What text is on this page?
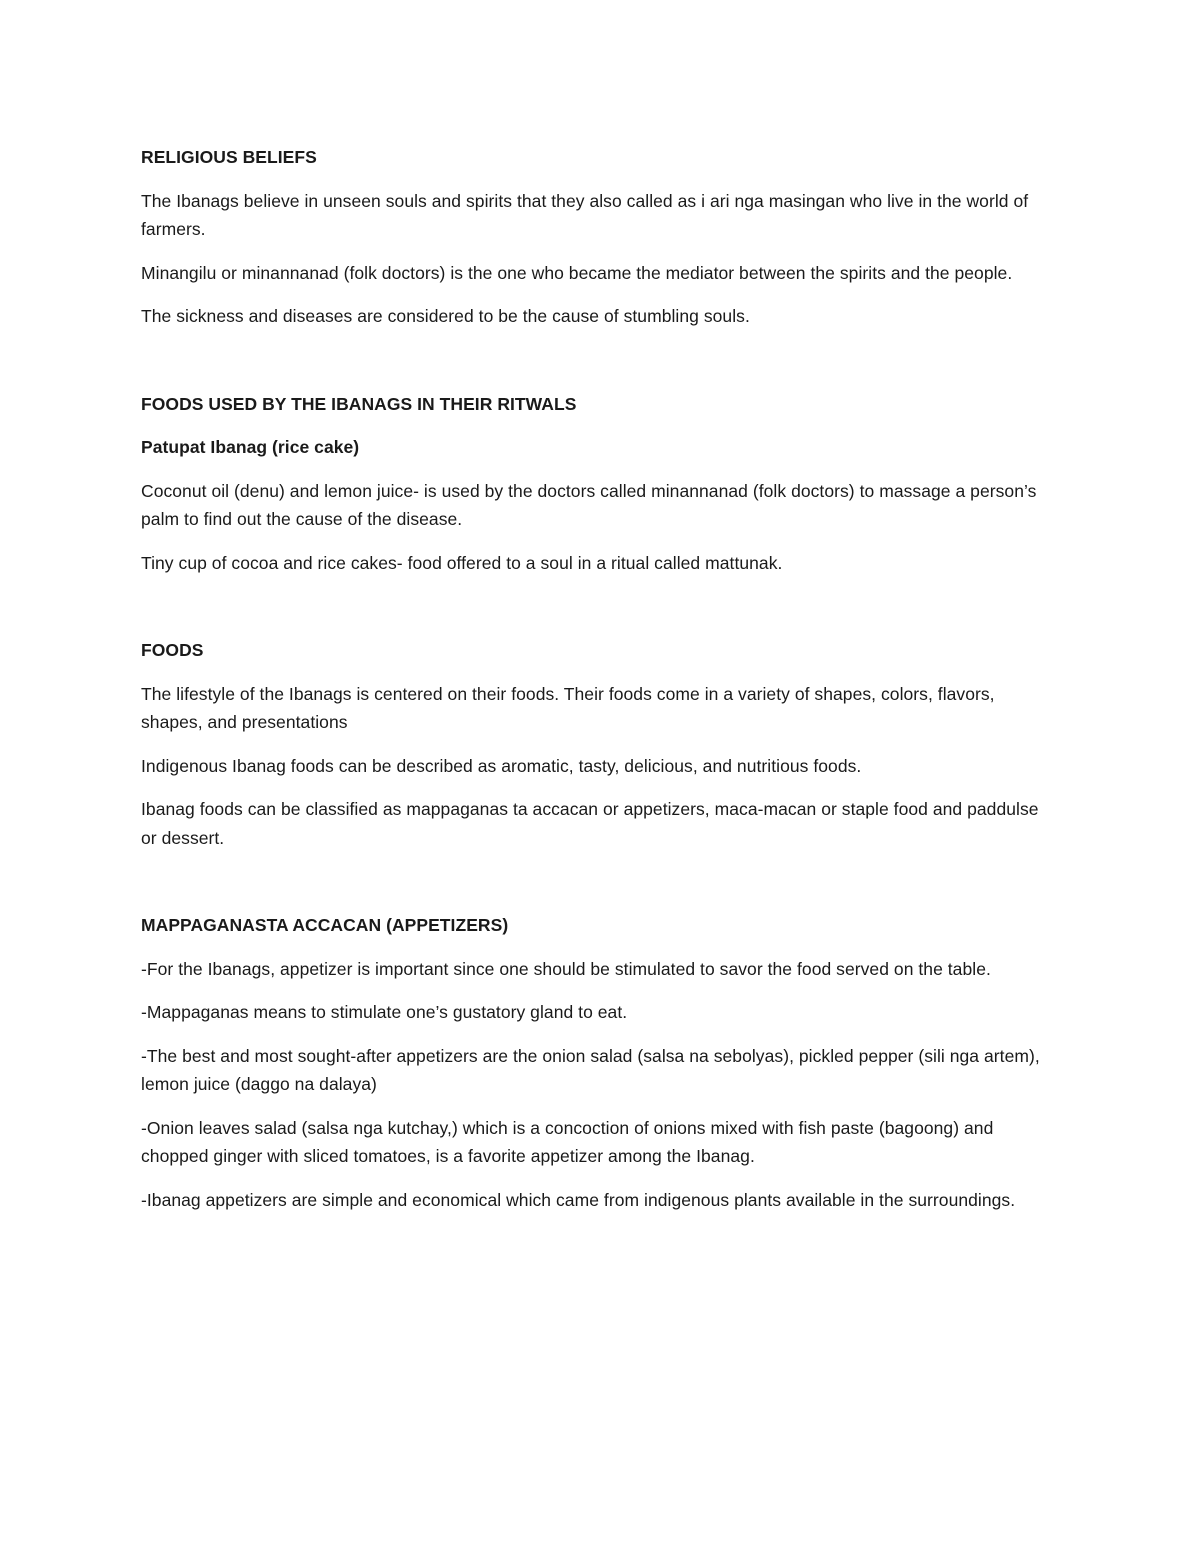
RELIGIOUS BELIEFS

The Ibanags believe in unseen souls and spirits that they also called as i ari nga masingan who live in the world of farmers.

Minangilu or minannanad (folk doctors) is the one who became the mediator between the spirits and the people.

The sickness and diseases are considered to be the cause of stumbling souls.

FOODS USED BY THE IBANAGS IN THEIR RITWALS

Patupat Ibanag (rice cake)

Coconut oil (denu) and lemon juice- is used by the doctors called minannanad (folk doctors) to massage a person’s palm to find out the cause of the disease.

Tiny cup of cocoa and rice cakes- food offered to a soul in a ritual called mattunak.

FOODS

The lifestyle of the Ibanags is centered on their foods. Their foods come in a variety of shapes, colors, flavors, shapes, and presentations

Indigenous Ibanag foods can be described as aromatic, tasty, delicious, and nutritious foods.

Ibanag foods can be classified as mappaganas ta accacan or appetizers, maca-macan or staple food and paddulse or dessert.

MAPPAGANASTA ACCACAN (APPETIZERS)

-For the Ibanags, appetizer is important since one should be stimulated to savor the food served on the table.

-Mappaganas means to stimulate one’s gustatory gland to eat.

-The best and most sought-after appetizers are the onion salad (salsa na sebolyas), pickled pepper (sili nga artem), lemon juice (daggo na dalaya)

-Onion leaves salad (salsa nga kutchay,) which is a concoction of onions mixed with fish paste (bagoong) and chopped ginger with sliced tomatoes, is a favorite appetizer among the Ibanag.

-Ibanag appetizers are simple and economical which came from indigenous plants available in the surroundings.
